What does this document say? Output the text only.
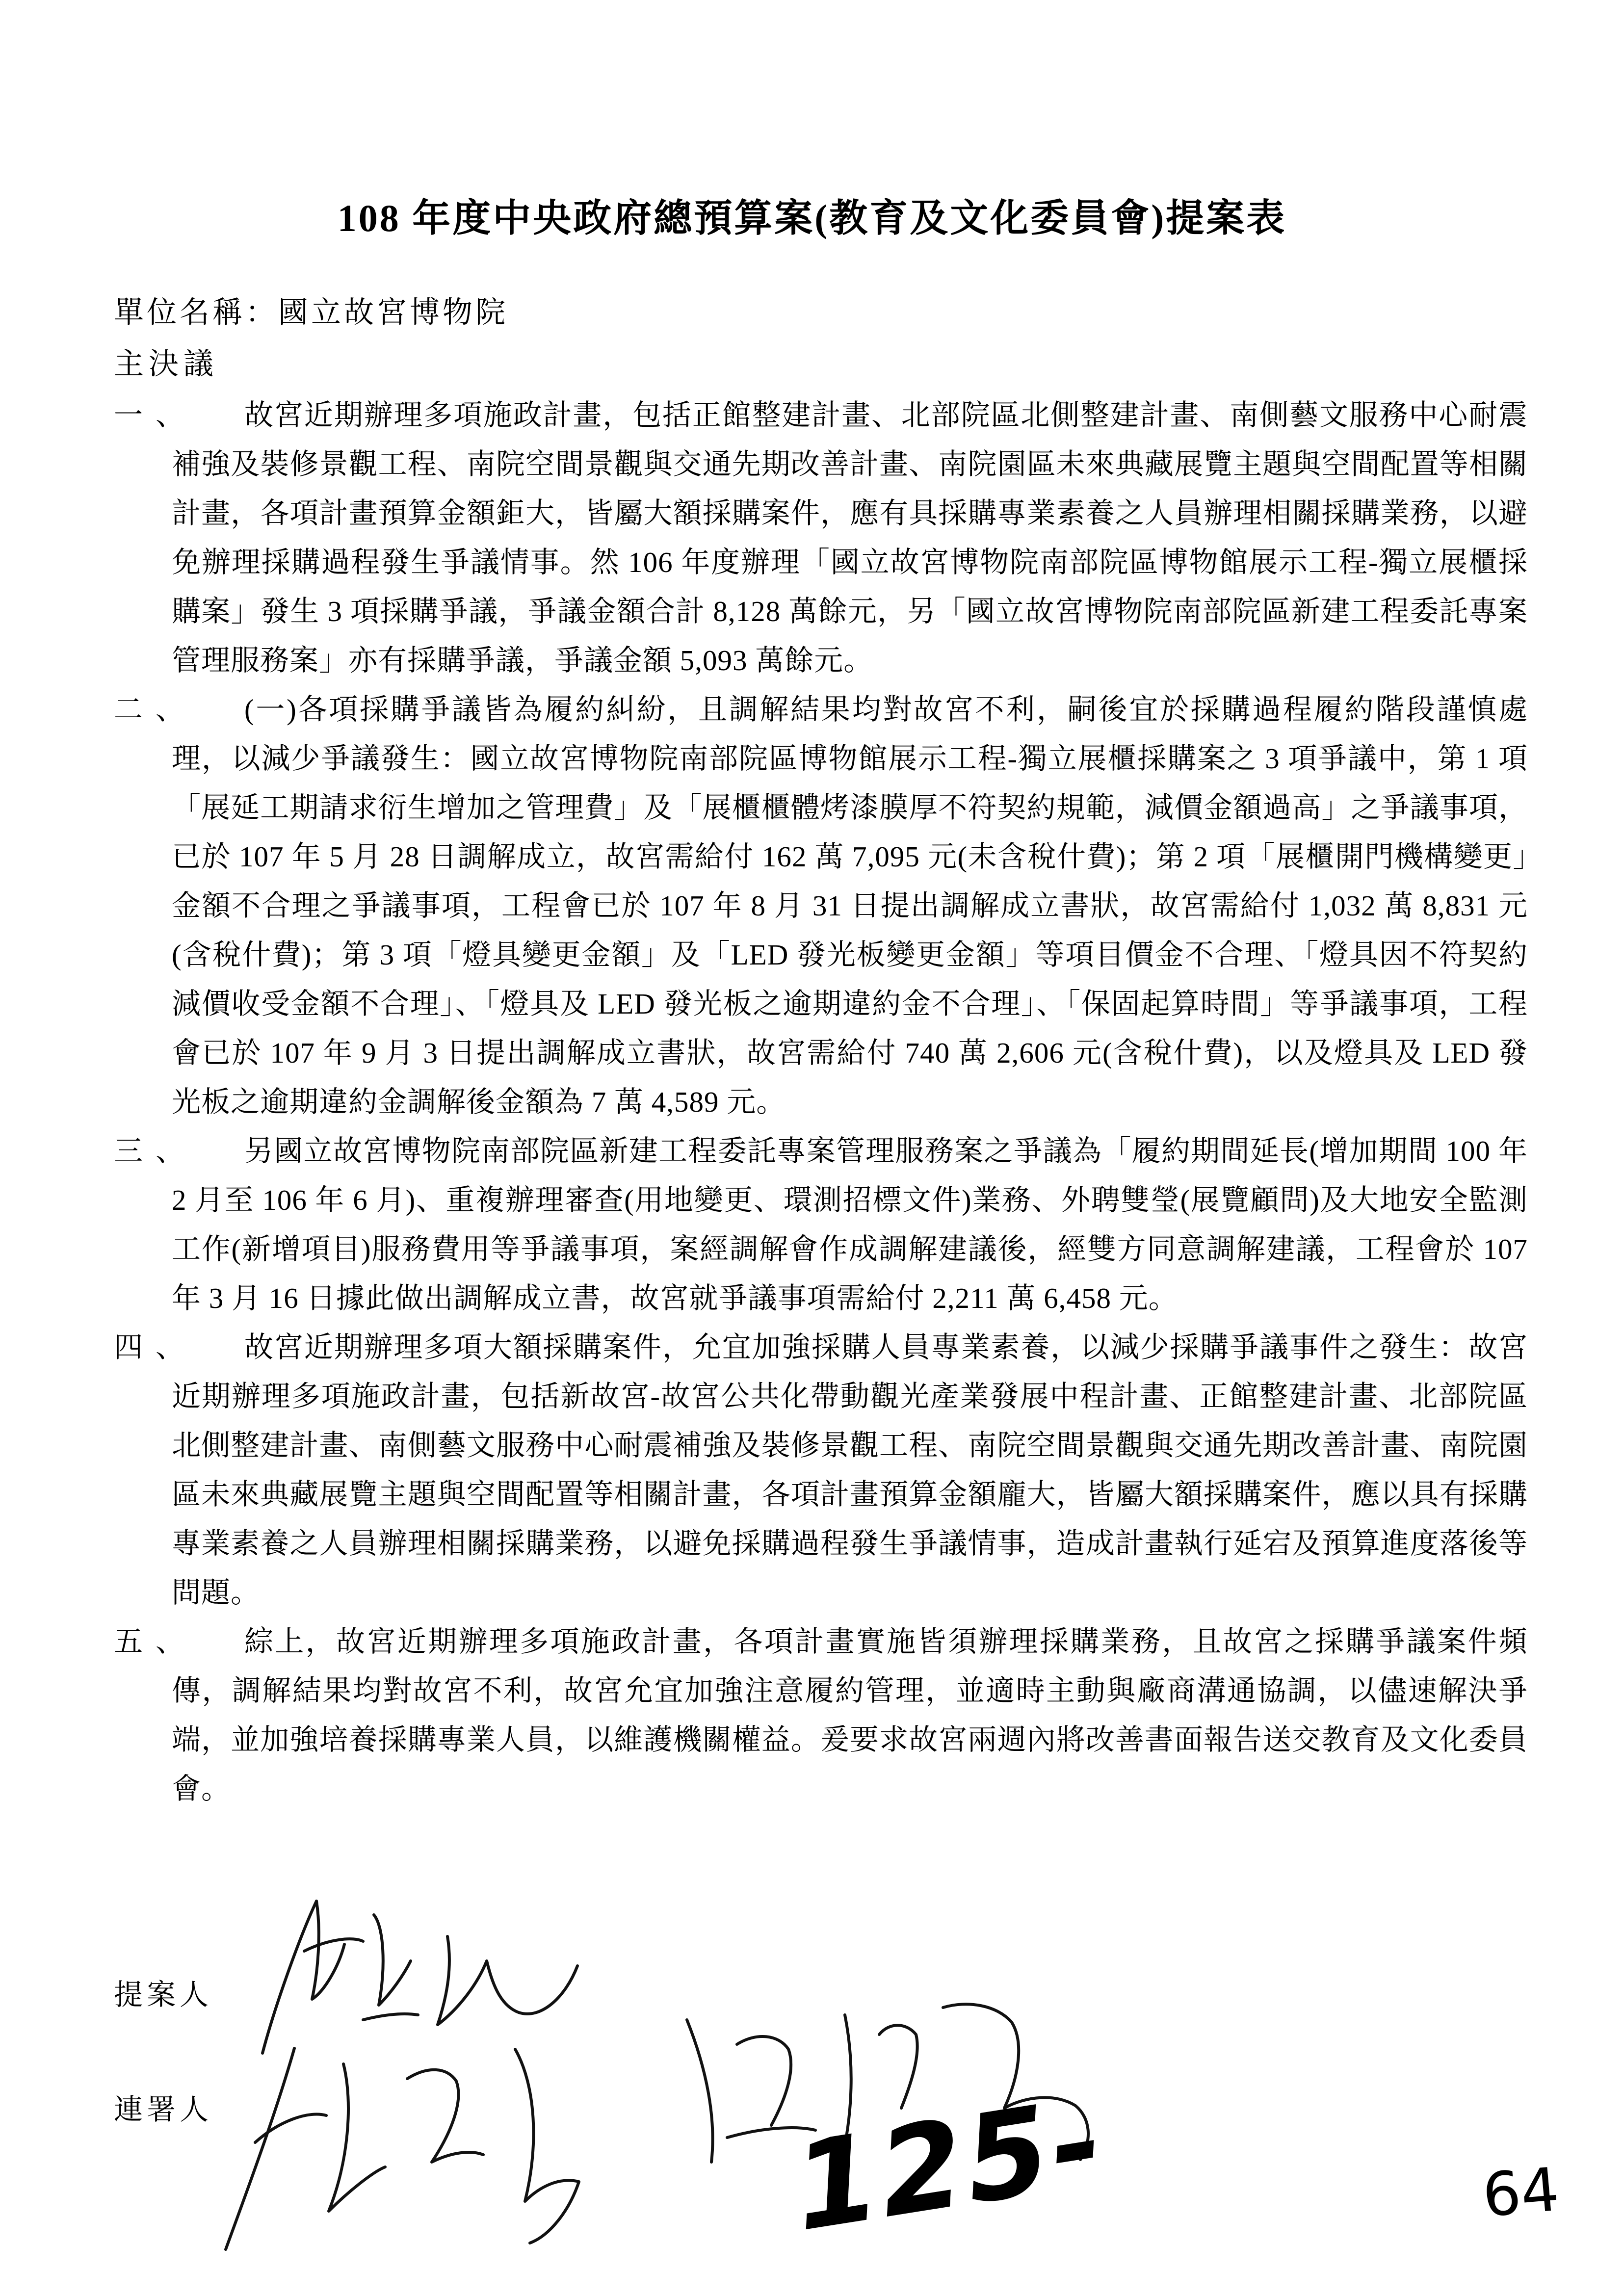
108 年度中央政府總預算案(教育及文化委員會)提案表
單位名稱：國立故宮博物院
主決議
一、	故宮近期辦理多項施政計畫，包括正館整建計畫、北部院區北側整建計畫、南側藝文服務中心耐震補強及裝修景觀工程、南院空間景觀與交通先期改善計畫、南院園區未來典藏展覽主題與空間配置等相關計畫，各項計畫預算金額鉅大，皆屬大額採購案件，應有具採購專業素養之人員辦理相關採購業務，以避免辦理採購過程發生爭議情事。然 106 年度辦理「國立故宮博物院南部院區博物館展示工程-獨立展櫃採購案」發生 3 項採購爭議，爭議金額合計 8,128 萬餘元，另「國立故宮博物院南部院區新建工程委託專案管理服務案」亦有採購爭議，爭議金額 5,093 萬餘元。
二、	(一)各項採購爭議皆為履約糾紛，且調解結果均對故宮不利，嗣後宜於採購過程履約階段謹慎處理，以減少爭議發生：國立故宮博物院南部院區博物館展示工程-獨立展櫃採購案之 3 項爭議中，第 1 項「展延工期請求衍生增加之管理費」及「展櫃櫃體烤漆膜厚不符契約規範，減價金額過高」之爭議事項，已於 107 年 5 月 28 日調解成立，故宮需給付 162 萬 7,095 元(未含稅什費)；第 2 項「展櫃開門機構變更」金額不合理之爭議事項，工程會已於 107 年 8 月 31 日提出調解成立書狀，故宮需給付 1,032 萬 8,831 元(含稅什費)；第 3 項「燈具變更金額」及「LED 發光板變更金額」等項目價金不合理、「燈具因不符契約減價收受金額不合理」、「燈具及 LED 發光板之逾期違約金不合理」、「保固起算時間」等爭議事項，工程會已於 107 年 9 月 3 日提出調解成立書狀，故宮需給付 740 萬 2,606 元(含稅什費)，以及燈具及 LED 發光板之逾期違約金調解後金額為 7 萬 4,589 元。
三、	另國立故宮博物院南部院區新建工程委託專案管理服務案之爭議為「履約期間延長(增加期間 100 年 2 月至 106 年 6 月)、重複辦理審查(用地變更、環測招標文件)業務、外聘雙瑩(展覽顧問)及大地安全監測工作(新增項目)服務費用等爭議事項，案經調解會作成調解建議後，經雙方同意調解建議，工程會於 107 年 3 月 16 日據此做出調解成立書，故宮就爭議事項需給付 2,211 萬 6,458 元。
四、	故宮近期辦理多項大額採購案件，允宜加強採購人員專業素養，以減少採購爭議事件之發生：故宮近期辦理多項施政計畫，包括新故宮-故宮公共化帶動觀光產業發展中程計畫、正館整建計畫、北部院區北側整建計畫、南側藝文服務中心耐震補強及裝修景觀工程、南院空間景觀與交通先期改善計畫、南院園區未來典藏展覽主題與空間配置等相關計畫，各項計畫預算金額龐大，皆屬大額採購案件，應以具有採購專業素養之人員辦理相關採購業務，以避免採購過程發生爭議情事，造成計畫執行延宕及預算進度落後等問題。
五、	綜上，故宮近期辦理多項施政計畫，各項計畫實施皆須辦理採購業務，且故宮之採購爭議案件頻傳，調解結果均對故宮不利，故宮允宜加強注意履約管理，並適時主動與廠商溝通協調，以儘速解決爭端，並加強培養採購專業人員，以維護機關權益。爰要求故宮兩週內將改善書面報告送交教育及文化委員會。
提案人
連署人	125-	64
